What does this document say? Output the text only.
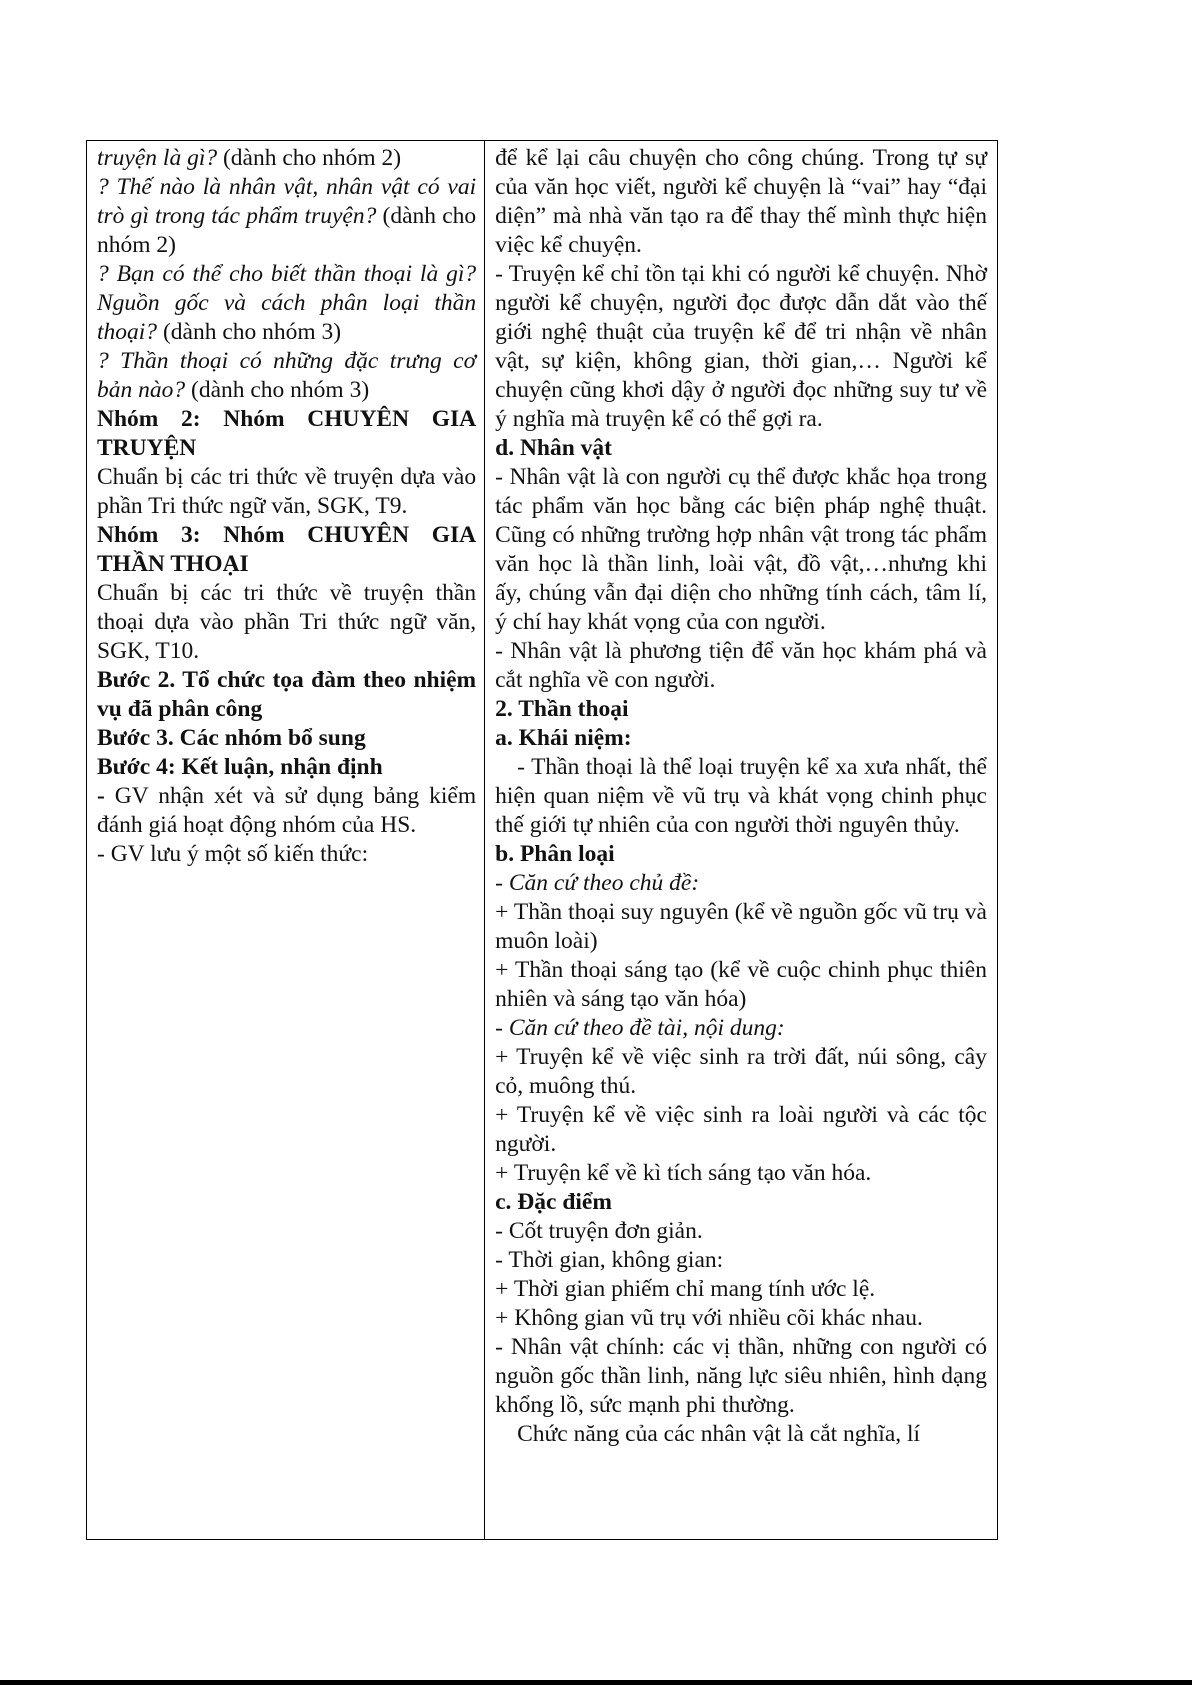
truyện là gì? (dành cho nhóm 2)

? Thế nào là nhân vật, nhân vật có vai trò gì trong tác phẩm truyện? (dành cho nhóm 2)

? Bạn có thể cho biết thần thoại là gì? Nguồn gốc và cách phân loại thần thoại? (dành cho nhóm 3)

? Thần thoại có những đặc trưng cơ bản nào? (dành cho nhóm 3)

Nhóm 2: Nhóm CHUYÊN GIA TRUYỆN

Chuẩn bị các tri thức về truyện dựa vào phần Tri thức ngữ văn, SGK, T9.

Nhóm 3: Nhóm CHUYÊN GIA THẦN THOẠI

Chuẩn bị các tri thức về truyện thần thoại dựa vào phần Tri thức ngữ văn, SGK, T10.

Bước 2. Tổ chức tọa đàm theo nhiệm vụ đã phân công

Bước 3. Các nhóm bổ sung

Bước 4: Kết luận, nhận định

- GV nhận xét và sử dụng bảng kiểm đánh giá hoạt động nhóm của HS.

- GV lưu ý một số kiến thức:

để kể lại câu chuyện cho công chúng. Trong tự sự của văn học viết, người kể chuyện là “vai” hay “đại diện” mà nhà văn tạo ra để thay thế mình thực hiện việc kể chuyện.

- Truyện kể chỉ tồn tại khi có người kể chuyện. Nhờ người kể chuyện, người đọc được dẫn dắt vào thế giới nghệ thuật của truyện kể để tri nhận về nhân vật, sự kiện, không gian, thời gian,… Người kể chuyện cũng khơi dậy ở người đọc những suy tư về ý nghĩa mà truyện kể có thể gợi ra.

d. Nhân vật

- Nhân vật là con người cụ thể được khắc họa trong tác phẩm văn học bằng các biện pháp nghệ thuật. Cũng có những trường hợp nhân vật trong tác phẩm văn học là thần linh, loài vật, đồ vật,…nhưng khi ấy, chúng vẫn đại diện cho những tính cách, tâm lí, ý chí hay khát vọng của con người.

- Nhân vật là phương tiện để văn học khám phá và cắt nghĩa về con người.

2. Thần thoại

a. Khái niệm:

- Thần thoại là thể loại truyện kể xa xưa nhất, thể hiện quan niệm về vũ trụ và khát vọng chinh phục thế giới tự nhiên của con người thời nguyên thủy.

b. Phân loại

- Căn cứ theo chủ đề:

+ Thần thoại suy nguyên (kể về nguồn gốc vũ trụ và muôn loài)

+ Thần thoại sáng tạo (kể về cuộc chinh phục thiên nhiên và sáng tạo văn hóa)

- Căn cứ theo đề tài, nội dung:

+ Truyện kể về việc sinh ra trời đất, núi sông, cây cỏ, muông thú.

+ Truyện kể về việc sinh ra loài người và các tộc người.

+ Truyện kể về kì tích sáng tạo văn hóa.

c. Đặc điểm

- Cốt truyện đơn giản.

- Thời gian, không gian:

+ Thời gian phiếm chỉ mang tính ước lệ.

+ Không gian vũ trụ với nhiều cõi khác nhau.

- Nhân vật chính: các vị thần, những con người có nguồn gốc thần linh, năng lực siêu nhiên, hình dạng khổng lồ, sức mạnh phi thường.

Chức năng của các nhân vật là cắt nghĩa, lí
